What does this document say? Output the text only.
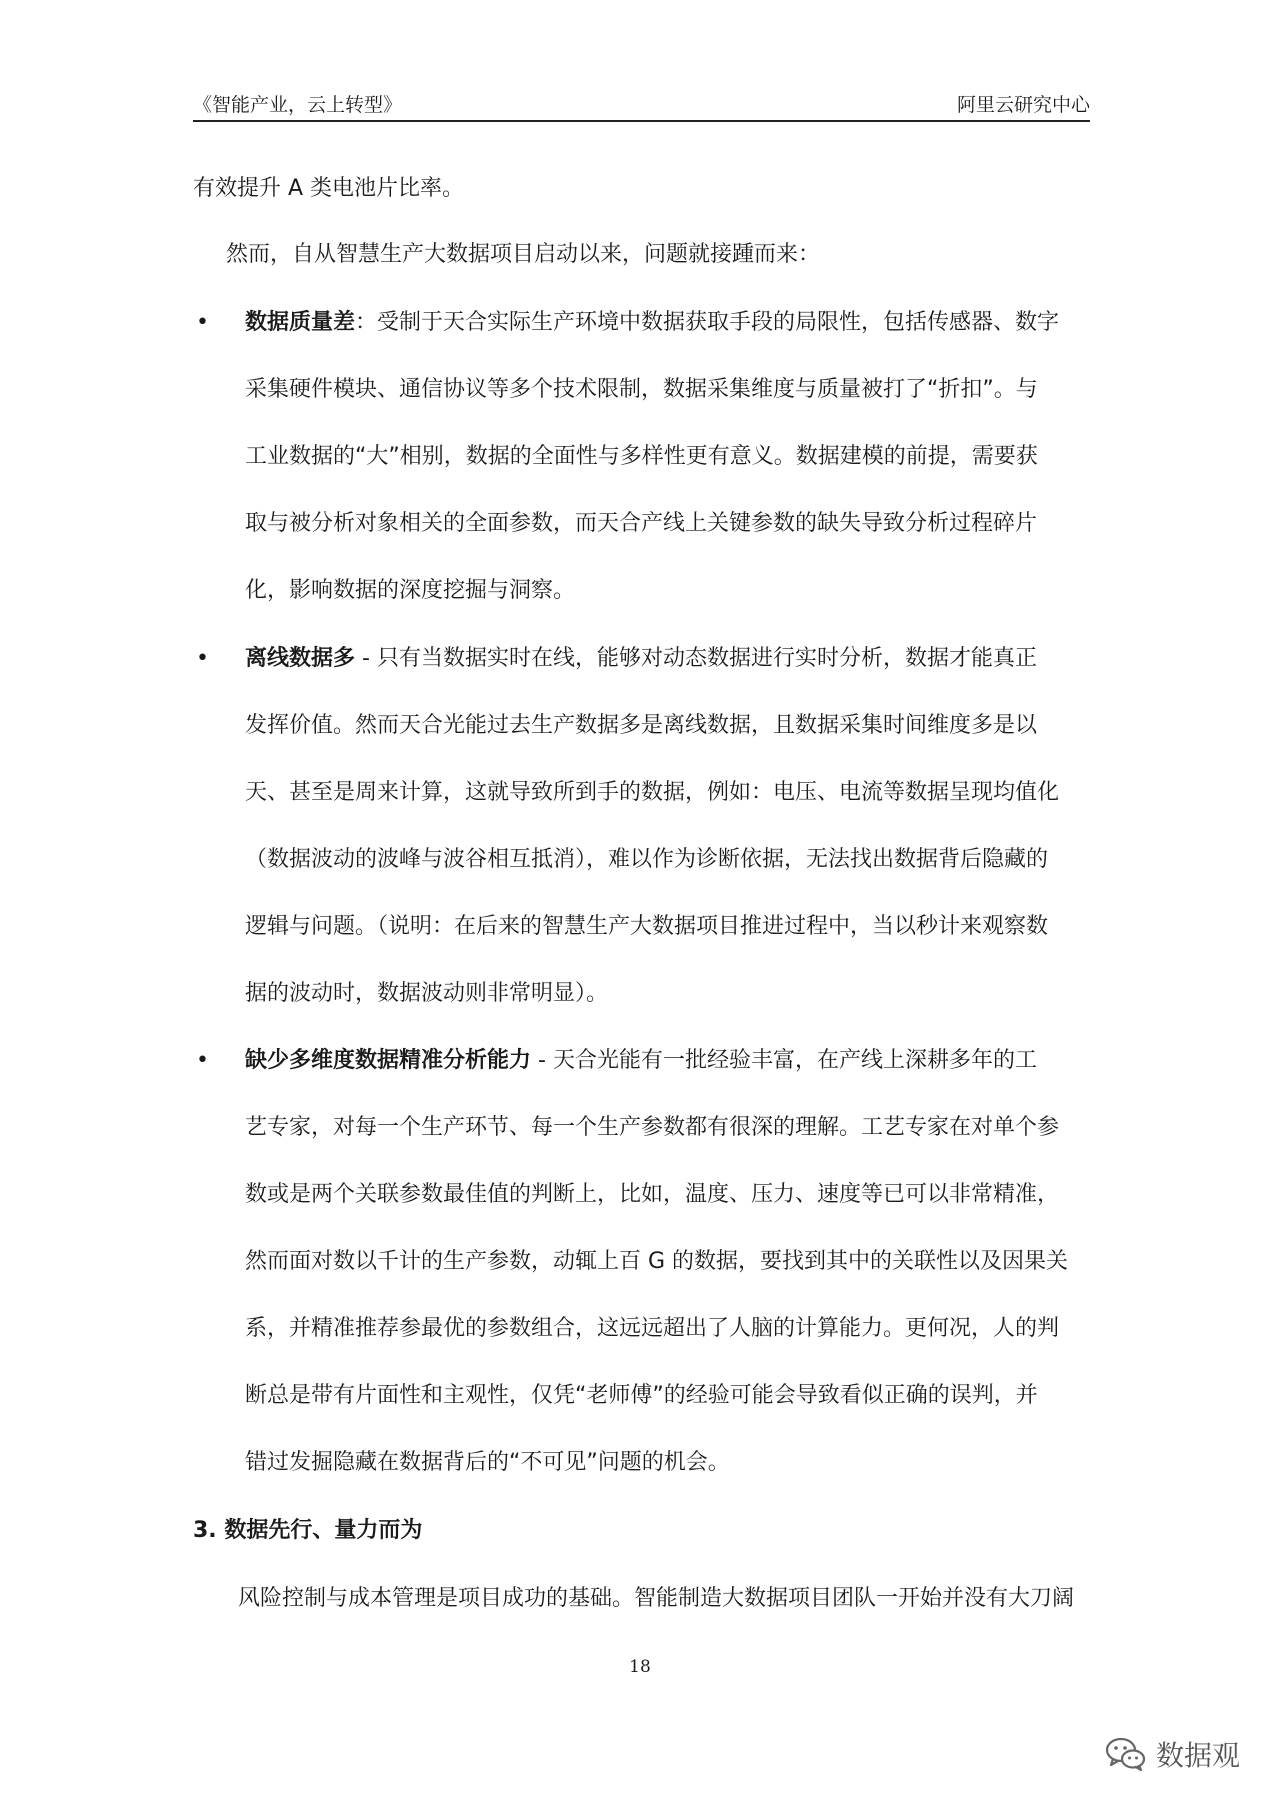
《智能产业，云上转型》	阿里云研究中心
有效提升 A 类电池片比率。
然而，自从智慧生产大数据项目启动以来，问题就接踵而来：
• 数据质量差：受制于天合实际生产环境中数据获取手段的局限性，包括传感器、数字
采集硬件模块、通信协议等多个技术限制，数据采集维度与质量被打了“折扣”。与
工业数据的“大”相别，数据的全面性与多样性更有意义。数据建模的前提，需要获
取与被分析对象相关的全面参数，而天合产线上关键参数的缺失导致分析过程碎片
化，影响数据的深度挖掘与洞察。
• 离线数据多 - 只有当数据实时在线，能够对动态数据进行实时分析，数据才能真正
发挥价值。然而天合光能过去生产数据多是离线数据，且数据采集时间维度多是以
天、甚至是周来计算，这就导致所到手的数据，例如：电压、电流等数据呈现均值化
（数据波动的波峰与波谷相互抵消），难以作为诊断依据，无法找出数据背后隐藏的
逻辑与问题。（说明：在后来的智慧生产大数据项目推进过程中，当以秒计来观察数
据的波动时，数据波动则非常明显）。
• 缺少多维度数据精准分析能力 - 天合光能有一批经验丰富，在产线上深耕多年的工
艺专家，对每一个生产环节、每一个生产参数都有很深的理解。工艺专家在对单个参
数或是两个关联参数最佳值的判断上，比如，温度、压力、速度等已可以非常精准，
然而面对数以千计的生产参数，动辄上百 G 的数据，要找到其中的关联性以及因果关
系，并精准推荐参最优的参数组合，这远远超出了人脑的计算能力。更何况，人的判
断总是带有片面性和主观性，仅凭“老师傅”的经验可能会导致看似正确的误判，并
错过发掘隐藏在数据背后的“不可见”问题的机会。
3. 数据先行、量力而为
风险控制与成本管理是项目成功的基础。智能制造大数据项目团队一开始并没有大刀阔
18
数据观
